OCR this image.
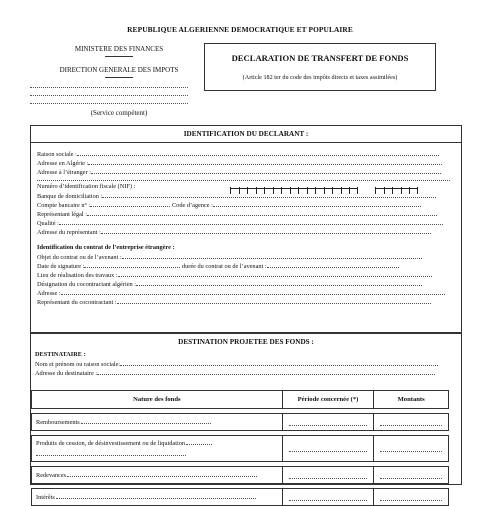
REPUBLIQUE ALGERIENNE DEMOCRATIQUE ET POPULAIRE
MINISTERE DES FINANCES
DIRECTION GENERALE DES IMPOTS
(Service compétent)
DECLARATION DE TRANSFERT DE FONDS
(Article 182 ter du code des impôts directs et taxes assimilées)
IDENTIFICATION DU DECLARANT :
Raison sociale :
Adresse en Algérie :
Adresse à l’étranger :
Numéro d’identification fiscale (NIF) :
Banque de domiciliation :
Compte bancaire n° :	Code d’agence :
Représentant légal :
Qualité :
Adresse du représentant :
Identification du contrat de l’entreprise étrangère :
Objet du contrat ou de l’avenant :
Date de signature :	durée du contrat ou de l’avenant :
Lieu de réalisation des travaux :
Désignation du cocontractant algérien :
Adresse :
Représentant du cocontractant :
DESTINATION PROJETEE DES FONDS :
DESTINATAIRE :
Nom et prénom ou raison sociale:
Adresse du destinataire :
Nature des fonds	Période concernée (*)	Montants

Remboursements	

Produits de cession, de désinvestissement ou de liquidation

Redevances	

Intérêts	
